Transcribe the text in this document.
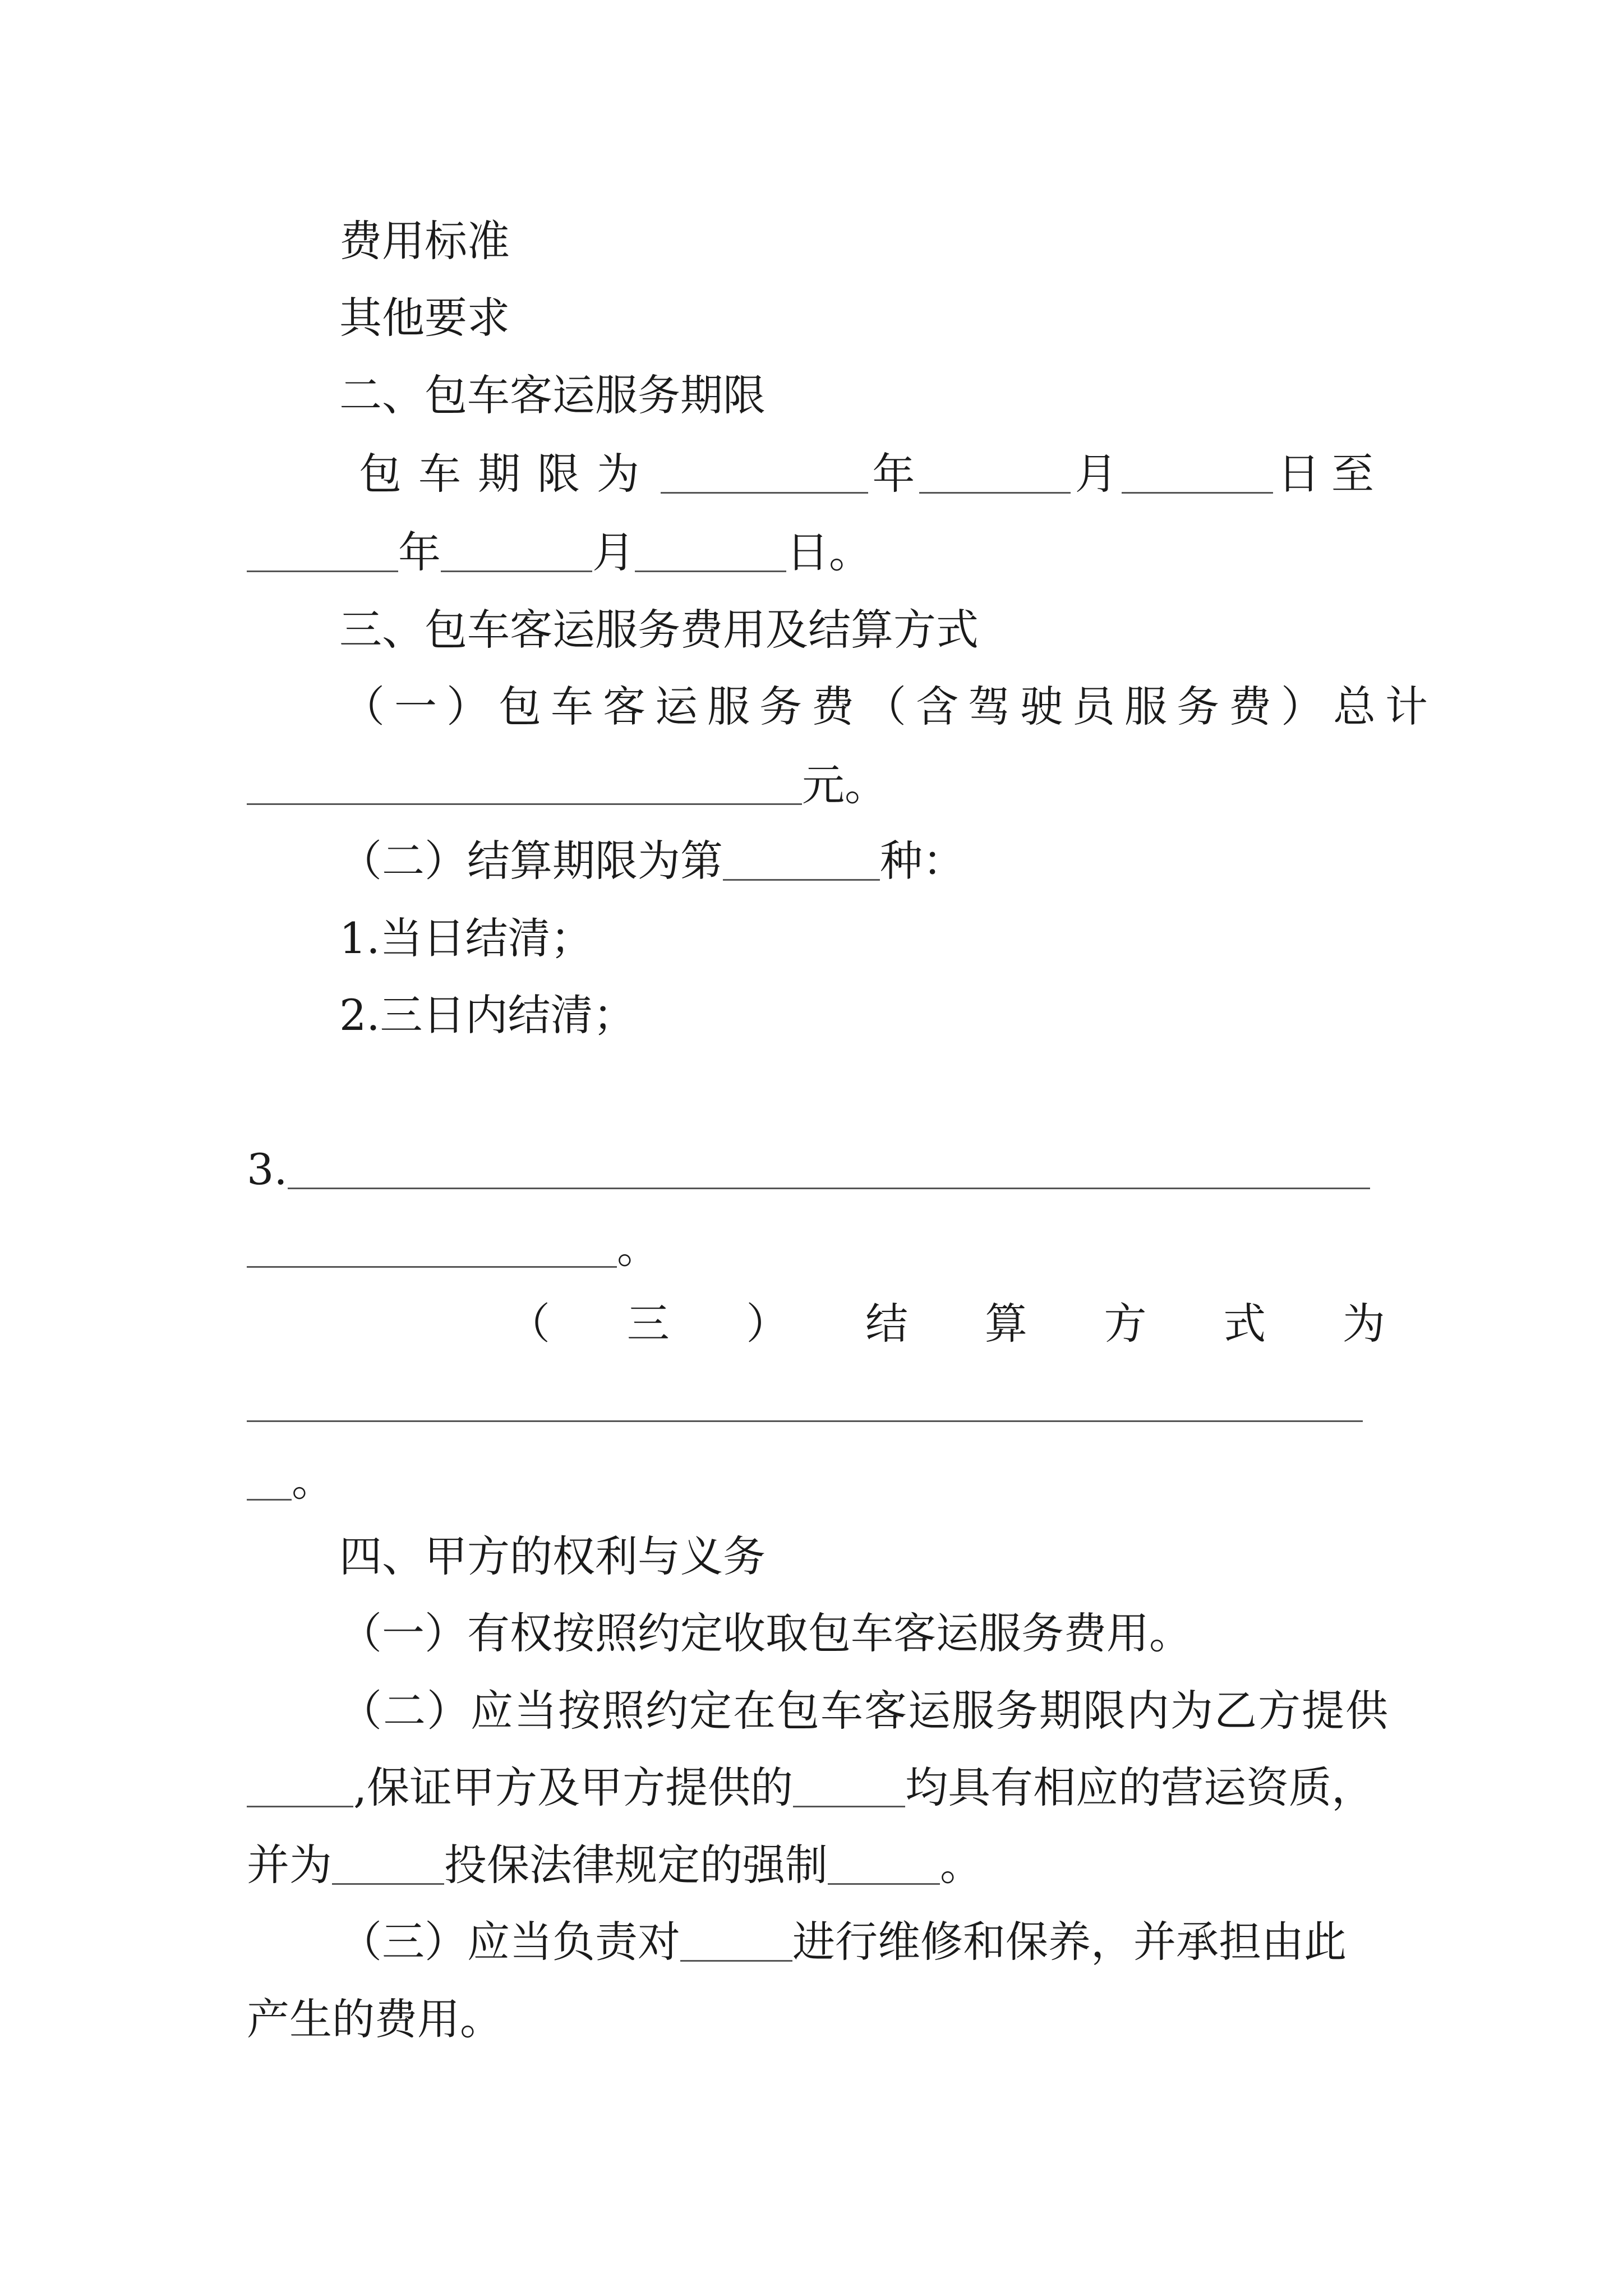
费用标准
其他要求
二、包车客运服务期限
包车期限为	年	月	日至
年	月	日。
三、包车客运服务费用及结算方式
（一）包车客运服务费（含驾驶员服务费）总计
元。
（二）结算期限为第	种：
1.当日结清；
2.三日内结清；
3.
。
（ 三 ） 结 算 方 式 为
。
四、甲方的权利与义务
（一）有权按照约定收取包车客运服务费用。
（二）应当按照约定在包车客运服务期限内为乙方提供
,保证甲方及甲方提供的	均具有相应的营运资质，
并为	投保法律规定的强制	。
（三）应当负责对	进行维修和保养，并承担由此
产生的费用。
